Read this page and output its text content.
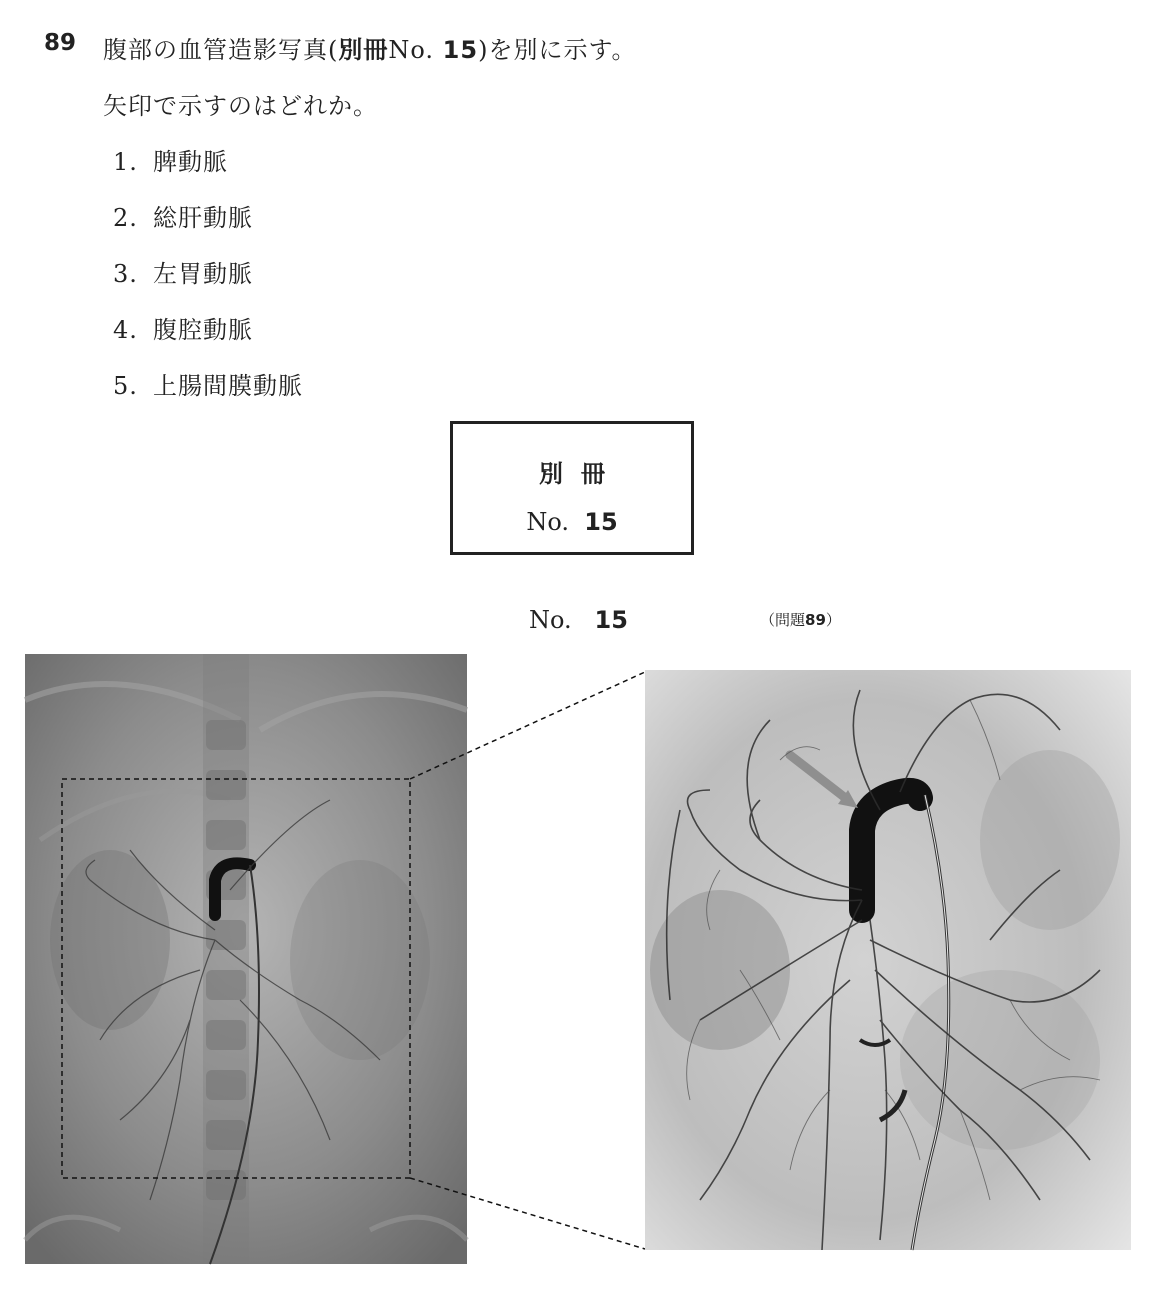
89 腹部の血管造影写真(別冊No. 15)を別に示す。
矢印で示すのはどれか。
1. 脾動脈
2. 総肝動脈
3. 左胃動脈
4. 腹腔動脈
5. 上腸間膜動脈
別冊
No. 15
No. 15	（問題89）
